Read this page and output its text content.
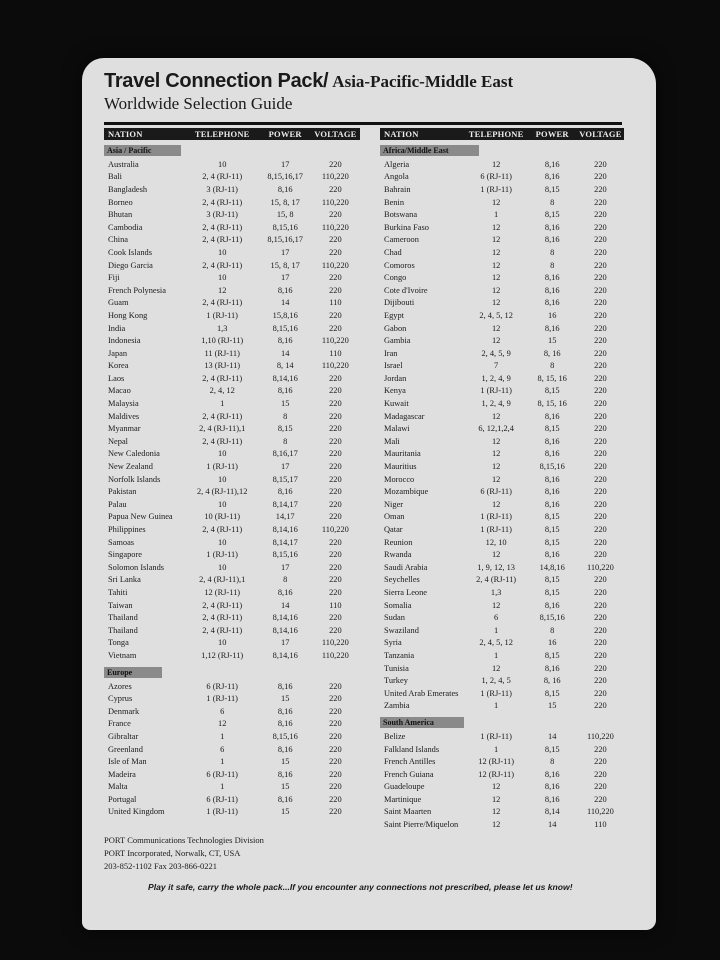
Travel Connection Pack/ Asia-Pacific-Middle East
Worldwide Selection Guide
NATION	TELEPHONE	POWER	VOLTAGE
Asia / Pacific
Australia	10	17	220
Bali	2, 4 (RJ-11)	8,15,16,17	110,220
Bangladesh	3 (RJ-11)	8,16	220
Borneo	2, 4 (RJ-11)	15, 8, 17	110,220
Bhutan	3 (RJ-11)	15, 8	220
Cambodia	2, 4 (RJ-11)	8,15,16	110,220
China	2, 4 (RJ-11)	8,15,16,17	220
Cook Islands	10	17	220
Diego Garcia	2, 4 (RJ-11)	15, 8, 17	110,220
Fiji	10	17	220
French Polynesia	12	8,16	220
Guam	2, 4 (RJ-11)	14	110
Hong Kong	1 (RJ-11)	15,8,16	220
India	1,3	8,15,16	220
Indonesia	1,10 (RJ-11)	8,16	110,220
Japan	11 (RJ-11)	14	110
Korea	13 (RJ-11)	8, 14	110,220
Laos	2, 4 (RJ-11)	8,14,16	220
Macao	2, 4, 12	8,16	220
Malaysia	1	15	220
Maldives	2, 4 (RJ-11)	8	220
Myanmar	2, 4 (RJ-11),1	8,15	220
Nepal	2, 4 (RJ-11)	8	220
New Caledonia	10	8,16,17	220
New Zealand	1 (RJ-11)	17	220
Norfolk Islands	10	8,15,17	220
Pakistan	2, 4 (RJ-11),12	8,16	220
Palau	10	8,14,17	220
Papua New Guinea	10 (RJ-11)	14,17	220
Philippines	2, 4 (RJ-11)	8,14,16	110,220
Samoas	10	8,14,17	220
Singapore	1 (RJ-11)	8,15,16	220
Solomon Islands	10	17	220
Sri Lanka	2, 4 (RJ-11),1	8	220
Tahiti	12 (RJ-11)	8,16	220
Taiwan	2, 4 (RJ-11)	14	110
Thailand	2, 4 (RJ-11)	8,14,16	220
Thailand	2, 4 (RJ-11)	8,14,16	220
Tonga	10	17	110,220
Vietnam	1,12 (RJ-11)	8,14,16	110,220
Europe
Azores	6 (RJ-11)	8,16	220
Cyprus	1 (RJ-11)	15	220
Denmark	6	8,16	220
France	12	8,16	220
Gibraltar	1	8,15,16	220
Greenland	6	8,16	220
Isle of Man	1	15	220
Madeira	6 (RJ-11)	8,16	220
Malta	1	15	220
Portugal	6 (RJ-11)	8,16	220
United Kingdom	1 (RJ-11)	15	220
NATION	TELEPHONE	POWER	VOLTAGE
Africa/Middle East
Algeria	12	8,16	220
Angola	6 (RJ-11)	8,16	220
Bahrain	1 (RJ-11)	8,15	220
Benin	12	8	220
Botswana	1	8,15	220
Burkina Faso	12	8,16	220
Cameroon	12	8,16	220
Chad	12	8	220
Comoros	12	8	220
Congo	12	8,16	220
Cote d'Ivoire	12	8,16	220
Dijibouti	12	8,16	220
Egypt	2, 4, 5, 12	16	220
Gabon	12	8,16	220
Gambia	12	15	220
Iran	2, 4, 5, 9	8, 16	220
Israel	7	8	220
Jordan	1, 2, 4, 9	8, 15, 16	220
Kenya	1 (RJ-11)	8,15	220
Kuwait	1, 2, 4, 9	8, 15, 16	220
Madagascar	12	8,16	220
Malawi	6, 12,1,2,4	8,15	220
Mali	12	8,16	220
Mauritania	12	8,16	220
Mauritius	12	8,15,16	220
Morocco	12	8,16	220
Mozambique	6 (RJ-11)	8,16	220
Niger	12	8,16	220
Oman	1 (RJ-11)	8,15	220
Qatar	1 (RJ-11)	8,15	220
Reunion	12, 10	8,15	220
Rwanda	12	8,16	220
Saudi Arabia	1, 9, 12, 13	14,8,16	110,220
Seychelles	2, 4 (RJ-11)	8,15	220
Sierra Leone	1,3	8,15	220
Somalia	12	8,16	220
Sudan	6	8,15,16	220
Swaziland	1	8	220
Syria	2, 4, 5, 12	16	220
Tanzania	1	8,15	220
Tunisia	12	8,16	220
Turkey	1, 2, 4, 5	8, 16	220
United Arab Emerates	1 (RJ-11)	8,15	220
Zambia	1	15	220
South America
Belize	1 (RJ-11)	14	110,220
Falkland Islands	1	8,15	220
French Antilles	12 (RJ-11)	8	220
French Guiana	12 (RJ-11)	8,16	220
Guadeloupe	12	8,16	220
Martinique	12	8,16	220
Saint Maarten	12	8,14	110,220
Saint Pierre/Miquelon	12	14	110
PORT Communications Technologies Division
PORT Incorporated, Norwalk, CT, USA
203-852-1102 Fax 203-866-0221
Play it safe, carry the whole pack...If you encounter any connections not prescribed, please let us know!
